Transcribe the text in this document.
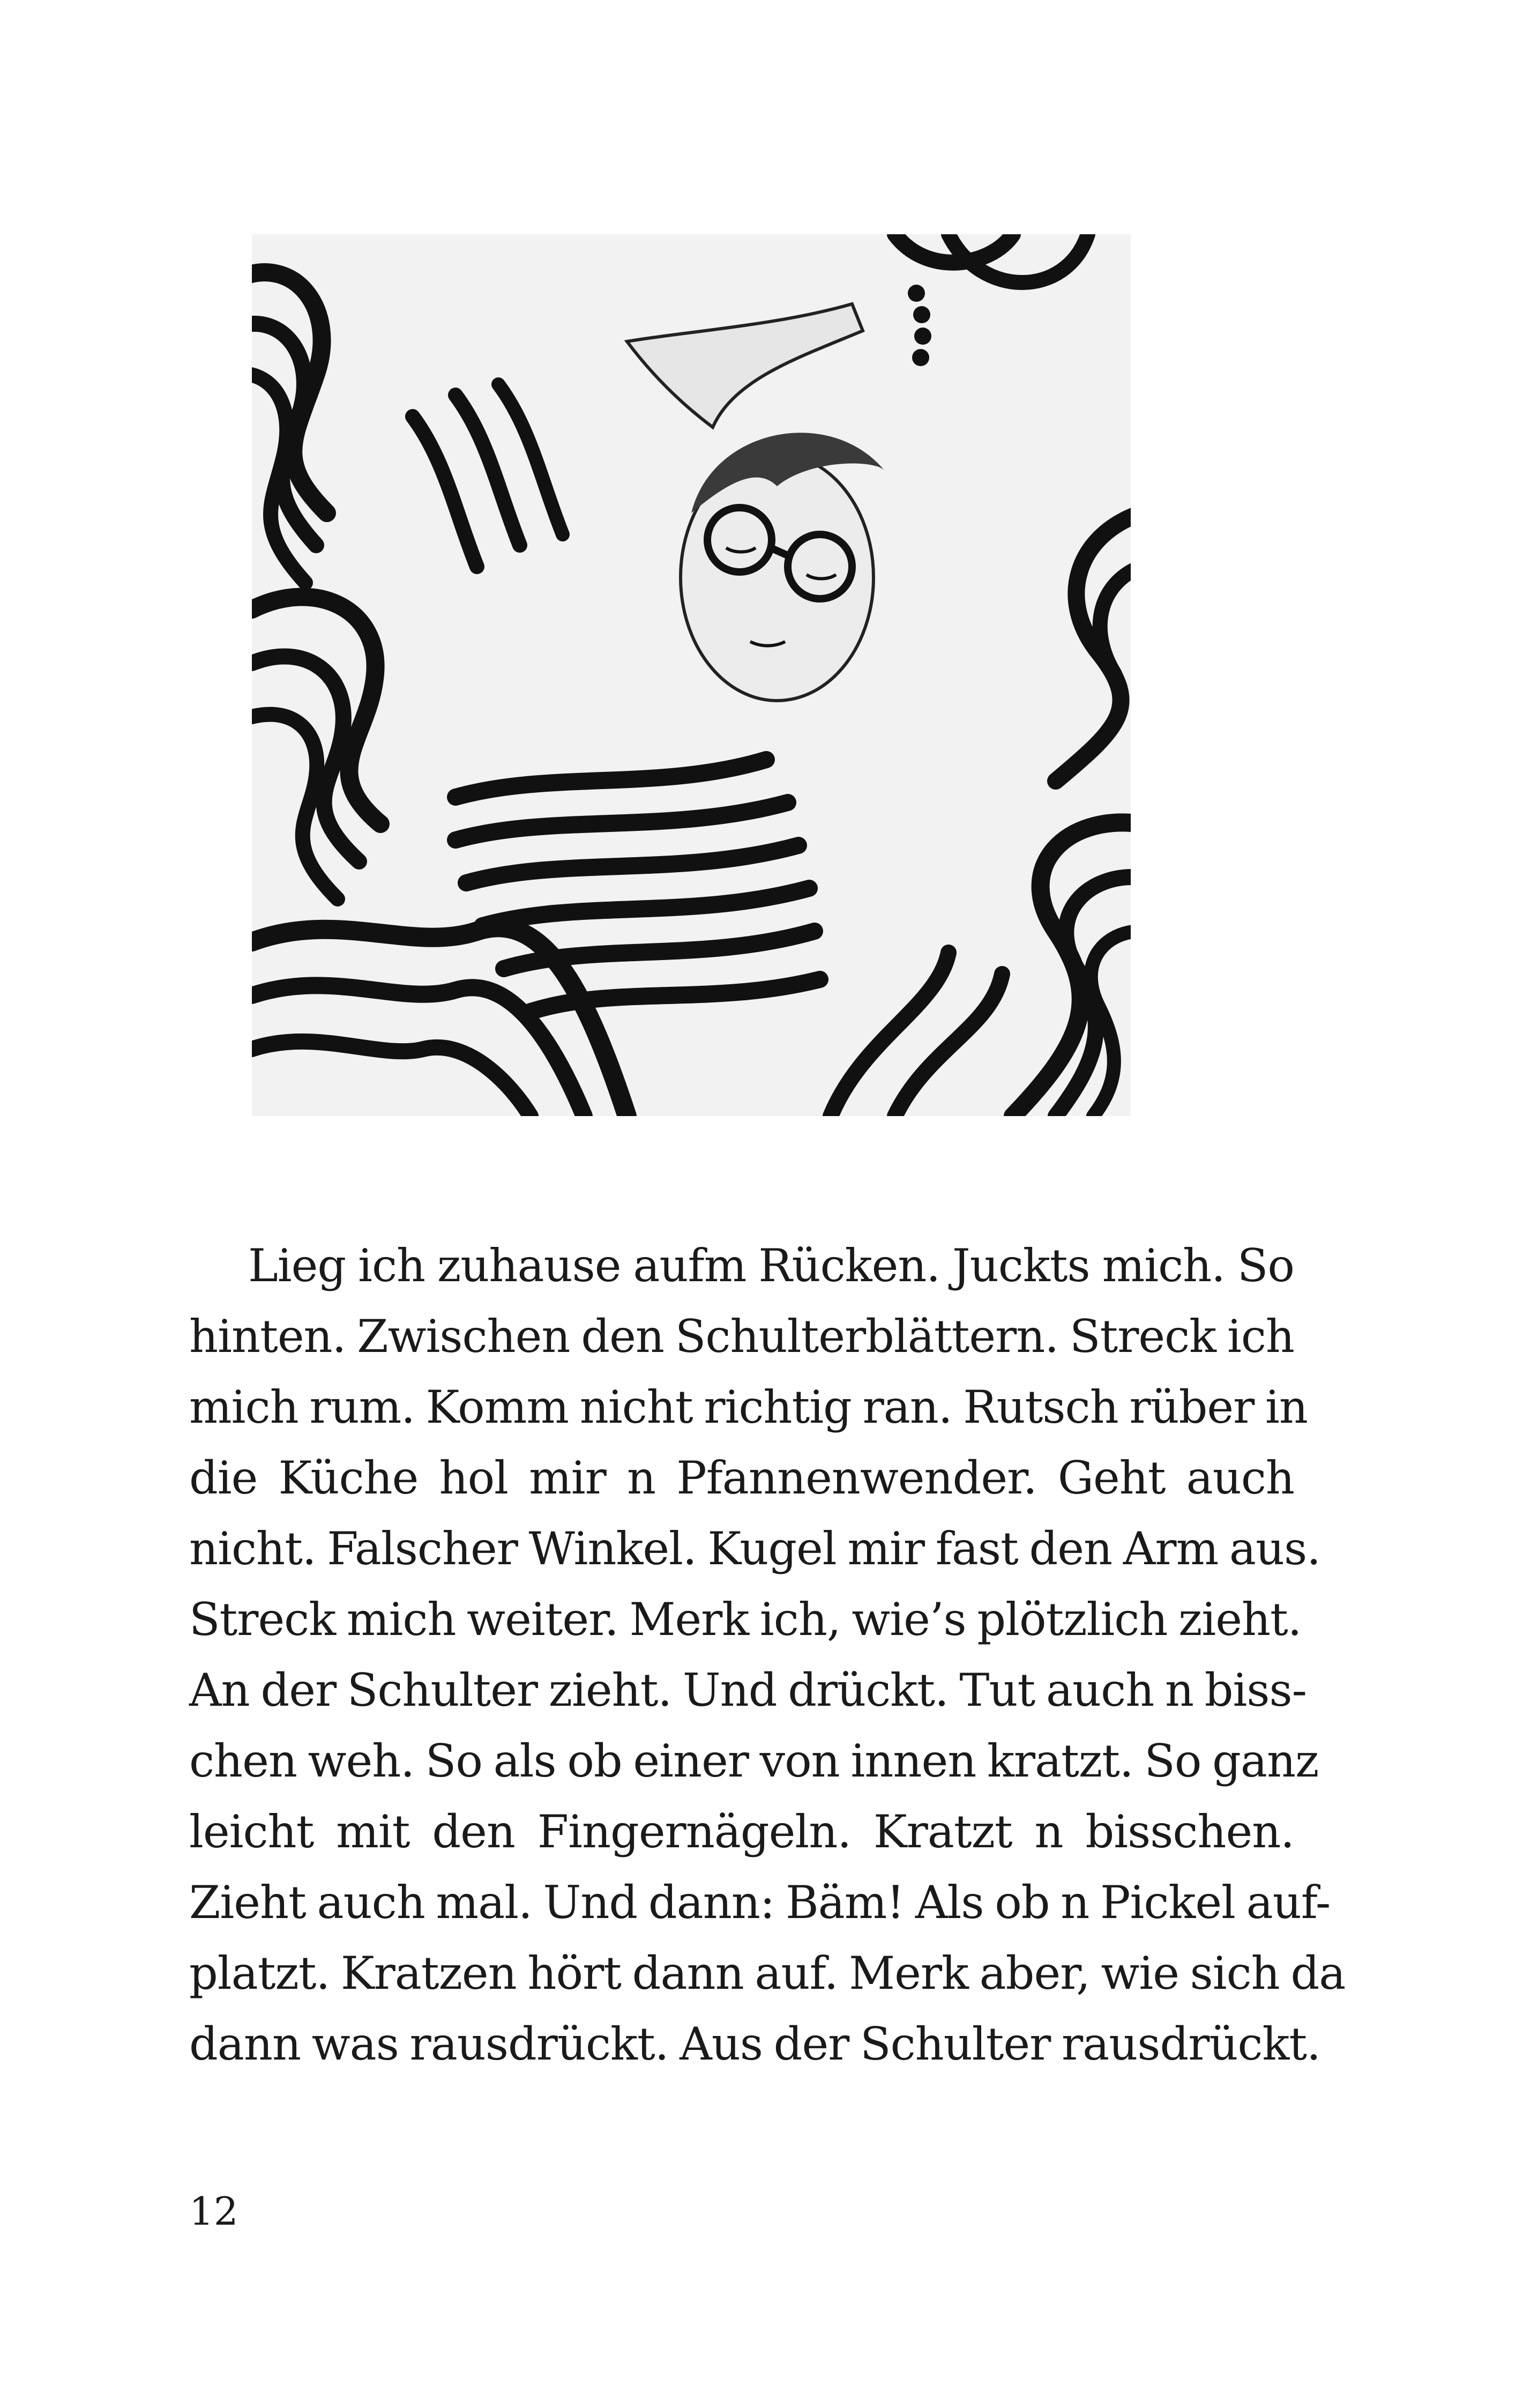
Lieg ich zuhause aufm Rücken. Juckts mich. So
hinten. Zwischen den Schulterblättern. Streck ich
mich rum. Komm nicht richtig ran. Rutsch rüber in
die Küche hol mir n Pfannenwender. Geht auch
nicht. Falscher Winkel. Kugel mir fast den Arm aus.
Streck mich weiter. Merk ich, wie’s plötzlich zieht.
An der Schulter zieht. Und drückt. Tut auch n biss-
chen weh. So als ob einer von innen kratzt. So ganz
leicht mit den Fingernägeln. Kratzt n bisschen.
Zieht auch mal. Und dann: Bäm! Als ob n Pickel auf-
platzt. Kratzen hört dann auf. Merk aber, wie sich da
dann was rausdrückt. Aus der Schulter rausdrückt.
12
